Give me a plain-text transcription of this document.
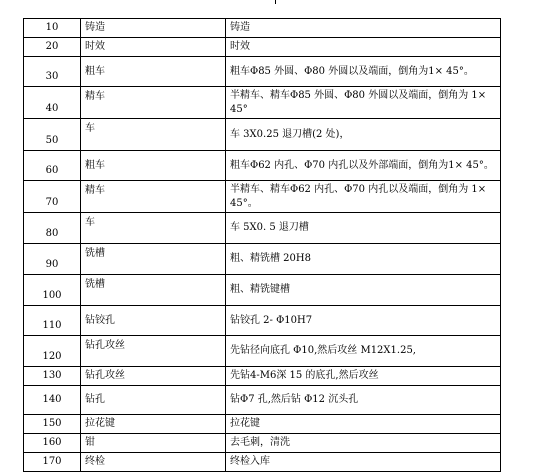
10	铸造	铸造
20	时效	时效
30	粗车	粗车Φ85 外圆、Φ80 外圆以及端面，倒角为1× 45°。
40	精车	半精车、精车Φ85 外圆、Φ80 外圆以及端面，倒角为 1× 45°
50	车	车 3X0.25 退刀槽(2 处)，
60	粗车	粗车Φ62 内孔、Φ70 内孔以及外部端面，倒角为1× 45°。
70	精车	半精车、精车Φ62 内孔、Φ70 内孔以及端面，倒角为 1× 45°。
80	车	车 5X0. 5 退刀槽
90	铣槽	粗、精铣槽 20H8
100	铣槽	粗、精铣键槽
110	钻铰孔	钻铰孔 2- Φ10H7
120	钻孔攻丝	先钻径向底孔 Φ10,然后攻丝 M12X1.25,
130	钻孔攻丝	先钻4-M6深 15 的底孔,然后攻丝
140	钻孔	钻Φ7 孔,然后钻 Φ12 沉头孔
150	拉花键	拉花键
160	钳	去毛刺，清洗
170	终检	终检入库
